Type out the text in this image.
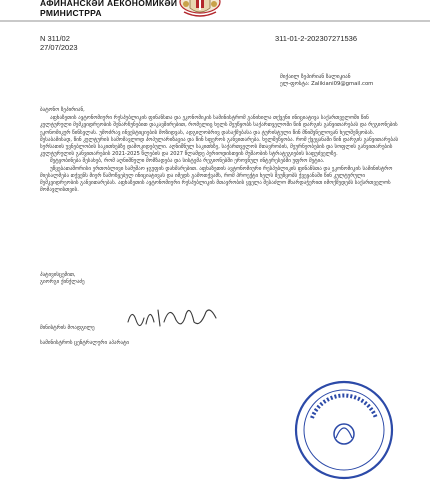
АФИНАНСКӘИ АЕКОНОМИКӘИ
РМИНИСТРРА
N 311/02
27/07/2023
311-01-2-202307271536
მიქაილ ზეპირიან ზალიკიან
ელ-ფოსტა: Zalikiani09@gmail.com

ბატონო ზეპირიან,

აფხაზეთის ავტონომიური რესპუბლიკის ფინანსთა და ეკონომიკის სამინისტრომ განიხილა თქვენი ინიციატივა საქართველოში წინ კულტურული მემკვიდრეობის შენარჩუნებით დაკავშირებით, რომელიც ხელს შეუწყობს საქართველოში წინ დარგის განვითარებას და რეგიონების ეკონომიკურ წინსვლას. უმოძრავ ინვესტიციების მოზიდვას, ადგილობრივ დასაქმებასა და ტურისტული წინ მნიშვნელოვან ხელშეწყობას. შესაბამისად, წინ კულტურის სამომავლოდ პოპულარიზაცია და წინ სფეროს განვითარება. ხელშეწყობა. რომ ქვეყანაში წინ დარგის განვითარებას სურსათის უვნებლობის საკითხებზე დამოკიდებული. აღნიშნულ საკითხზე, საქართველოს მთავრობის, მეურნეობების და სოფლის განვითარების კულტურულის განვითარების 2021-2025 წლების და 2027 წლამდე პერიოდისთვის მუშაობის სტრატეგიების საფუძველზე.

შეტყობინება შესახებ, რომ აღნიშნული მომზადება და სისტემა რეგიონებში ეროვნულ ინტერესებში უფრო მეტია.

უწყებათაშორისი ერთობლივი სამუშაო ჯგუფის დახმარებით. აფხაზეთის ავტონომიური რესპუბლიკის ფინანსთა და ეკონომიკის სამინისტრო მიესალმება თქვენს მიერ წამოწყებულ ინიციატივას და იმედს გამოთქვამს, რომ პროექტი ხელს შეუწყობს ქვეყანაში წინ კულტურული მემკვიდრეობის განვითარებას. აფხაზეთის ავტონომიური რესპუბლიკის მთავრობის ყველა შესაძლო მხარდაჭერით იმოქმედებს საქართველოს მომავლისთვის.

პატივისცემით,
გიორგი ქინქლაძე
მინისტრის მოადგილე
სამინისტროს ცენტრალური აპარატი
